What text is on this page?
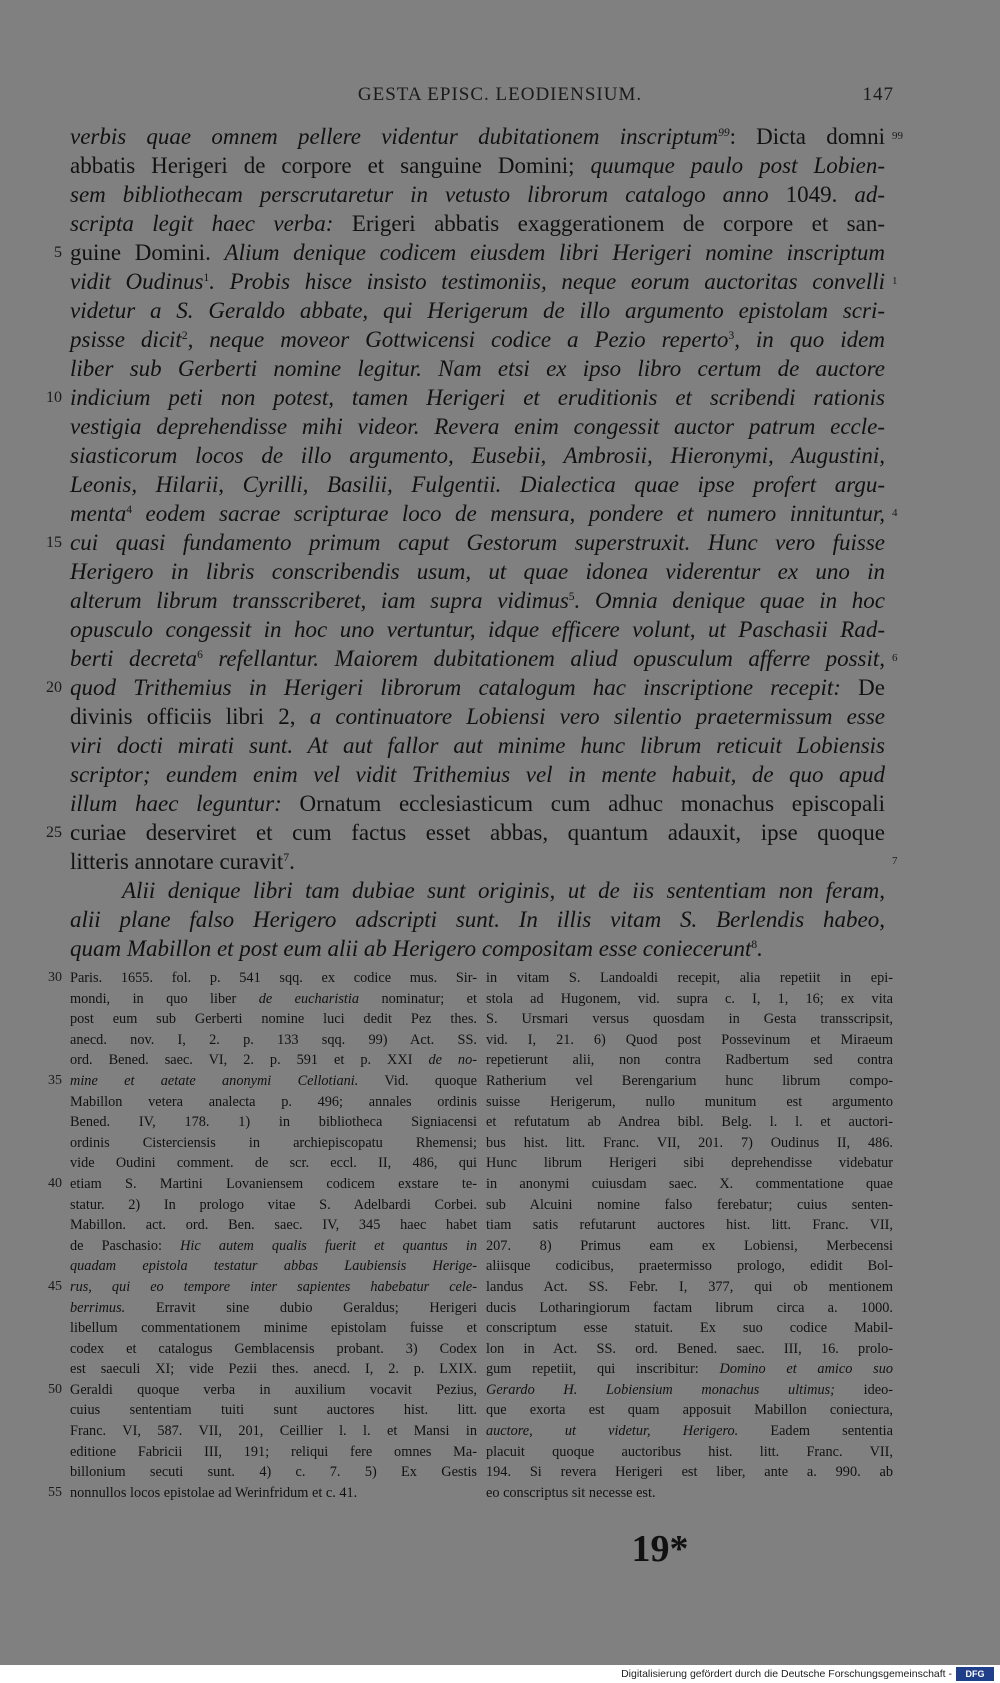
GESTA EPISC. LEODIENSIUM.	147
verbis quae omnem pellere videntur dubitationem inscriptum$^{99}$: Dicta domni
abbatis Herigeri de corpore et sanguine Domini; quumque paulo post Lobien-
sem bibliothecam perscrutaretur in vetusto librorum catalogo anno 1049. ad-
scripta legit haec verba: Erigeri abbatis exaggerationem de corpore et san-
guine Domini. Alium denique codicem eiusdem libri Herigeri nomine inscriptum
vidit Oudinus$^1$. Probis hisce insisto testimoniis, neque eorum auctoritas convelli
videtur a S. Geraldo abbate, qui Herigerum de illo argumento epistolam scri-
psisse dicit$^2$, neque moveor Gottwicensi codice a Pezio reperto$^3$, in quo idem
liber sub Gerberti nomine legitur. Nam etsi ex ipso libro certum de auctore
indicium peti non potest, tamen Herigeri et eruditionis et scribendi rationis
vestigia deprehendisse mihi videor. Revera enim congessit auctor patrum eccle-
siasticorum locos de illo argumento, Eusebii, Ambrosii, Hieronymi, Augustini,
Leonis, Hilarii, Cyrilli, Basilii, Fulgentii. Dialectica quae ipse profert argu-
menta$^4$ eodem sacrae scripturae loco de mensura, pondere et numero innituntur,
cui quasi fundamento primum caput Gestorum superstruxit. Hunc vero fuisse
Herigero in libris conscribendis usum, ut quae idonea viderentur ex uno in
alterum librum transscriberet, iam supra vidimus$^5$. Omnia denique quae in hoc
opusculo congessit in hoc uno vertuntur, idque efficere volunt, ut Paschasii Rad-
berti decreta$^6$ refellantur. Maiorem dubitationem aliud opusculum afferre possit,
quod Trithemius in Herigeri librorum catalogum hac inscriptione recepit: De
divinis officiis libri 2, a continuatore Lobiensi vero silentio praetermissum esse
viri docti mirati sunt. At aut fallor aut minime hunc librum reticuit Lobiensis
scriptor; eundem enim vel vidit Trithemius vel in mente habuit, de quo apud
illum haec leguntur: Ornatum ecclesiasticum cum adhuc monachus episcopali
curiae deserviret et cum factus esset abbas, quantum adauxit, ipse quoque
litteris annotare curavit$^7$.
Alii denique libri tam dubiae sunt originis, ut de iis sententiam non feram,
alii plane falso Herigero adscripti sunt. In illis vitam S. Berlendis habeo,
quam Mabillon et post eum alii ab Herigero compositam esse coniecerunt$^8$.
5
10
15
20
25
99
1
4
6
7
Paris. 1655. fol. p. 541 sqq. ex codice mus. Sir-
mondi, in quo liber de eucharistia nominatur; et
post eum sub Gerberti nomine luci dedit Pez thes.
anecd. nov. I, 2. p. 133 sqq. 99) Act. SS.
ord. Bened. saec. VI, 2. p. 591 et p. XXI de no-
mine et aetate anonymi Cellotiani. Vid. quoque
Mabillon vetera analecta p. 496; annales ordinis
Bened. IV, 178. 1) in bibliotheca Signiacensi
ordinis Cisterciensis in archiepiscopatu Rhemensi;
vide Oudini comment. de scr. eccl. II, 486, qui
etiam S. Martini Lovaniensem codicem exstare te-
statur. 2) In prologo vitae S. Adelbardi Corbei.
Mabillon. act. ord. Ben. saec. IV, 345 haec habet
de Paschasio: Hic autem qualis fuerit et quantus in
quadam epistola testatur abbas Laubiensis Herige-
rus, qui eo tempore inter sapientes habebatur cele-
berrimus. Erravit sine dubio Geraldus; Herigeri
libellum commentationem minime epistolam fuisse et
codex et catalogus Gemblacensis probant. 3) Codex
est saeculi XI; vide Pezii thes. anecd. I, 2. p. LXIX.
Geraldi quoque verba in auxilium vocavit Pezius,
cuius sententiam tuiti sunt auctores hist. litt.
Franc. VI, 587. VII, 201, Ceillier l. l. et Mansi in
editione Fabricii III, 191; reliqui fere omnes Ma-
billonium secuti sunt. 4) c. 7. 5) Ex Gestis
nonnullos locos epistolae ad Werinfridum et c. 41.
in vitam S. Landoaldi recepit, alia repetiit in epi-
stola ad Hugonem, vid. supra c. I, 1, 16; ex vita
S. Ursmari versus quosdam in Gesta transscripsit,
vid. I, 21. 6) Quod post Possevinum et Miraeum
repetierunt alii, non contra Radbertum sed contra
Ratherium vel Berengarium hunc librum compo-
suisse Herigerum, nullo munitum est argumento
et refutatum ab Andrea bibl. Belg. l. l. et auctori-
bus hist. litt. Franc. VII, 201. 7) Oudinus II, 486.
Hunc librum Herigeri sibi deprehendisse videbatur
in anonymi cuiusdam saec. X. commentatione quae
sub Alcuini nomine falso ferebatur; cuius senten-
tiam satis refutarunt auctores hist. litt. Franc. VII,
207. 8) Primus eam ex Lobiensi, Merbecensi
aliisque codicibus, praetermisso prologo, edidit Bol-
landus Act. SS. Febr. I, 377, qui ob mentionem
ducis Lotharingiorum factam librum circa a. 1000.
conscriptum esse statuit. Ex suo codice Mabil-
lon in Act. SS. ord. Bened. saec. III, 16. prolo-
gum repetiit, qui inscribitur: Domino et amico suo
Gerardo H. Lobiensium monachus ultimus; ideo-
que exorta est quam apposuit Mabillon coniectura,
auctore, ut videtur, Herigero. Eadem sententia
placuit quoque auctoribus hist. litt. Franc. VII,
194. Si revera Herigeri est liber, ante a. 990. ab
eo conscriptus sit necesse est.
30
35
40
45
50
55
19*
Digitalisierung gefördert durch die Deutsche Forschungsgemeinschaft -	DFG
